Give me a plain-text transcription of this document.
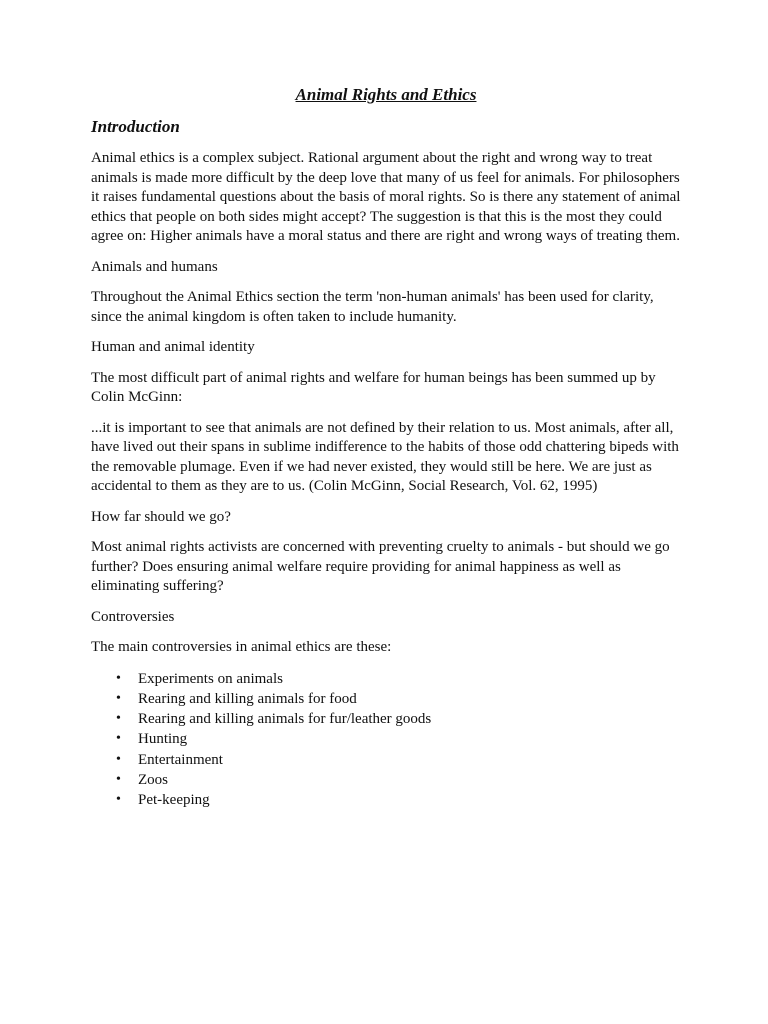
Animal Rights and Ethics
Introduction

Animal ethics is a complex subject. Rational argument about the right and wrong way to treat animals is made more difficult by the deep love that many of us feel for animals. For philosophers it raises fundamental questions about the basis of moral rights. So is there any statement of animal ethics that people on both sides might accept? The suggestion is that this is the most they could agree on: Higher animals have a moral status and there are right and wrong ways of treating them.

Animals and humans

Throughout the Animal Ethics section the term 'non-human animals' has been used for clarity, since the animal kingdom is often taken to include humanity.

Human and animal identity

The most difficult part of animal rights and welfare for human beings has been summed up by Colin McGinn:

...it is important to see that animals are not defined by their relation to us. Most animals, after all, have lived out their spans in sublime indifference to the habits of those odd chattering bipeds with the removable plumage. Even if we had never existed, they would still be here. We are just as accidental to them as they are to us. (Colin McGinn, Social Research, Vol. 62, 1995)

How far should we go?

Most animal rights activists are concerned with preventing cruelty to animals - but should we go further? Does ensuring animal welfare require providing for animal happiness as well as eliminating suffering?

Controversies

The main controversies in animal ethics are these:

• Experiments on animals
• Rearing and killing animals for food
• Rearing and killing animals for fur/leather goods
• Hunting
• Entertainment
• Zoos
• Pet-keeping
